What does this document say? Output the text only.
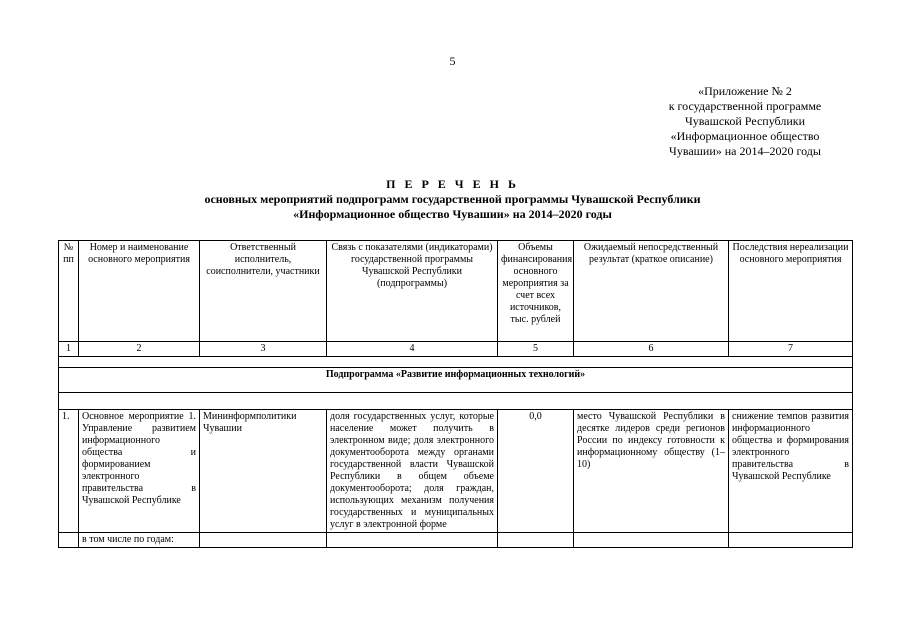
5
«Приложение № 2
к государственной программе
Чувашской Республики
«Информационное общество
Чувашии» на 2014–2020 годы
П Е Р Е Ч Е Н Ь
основных мероприятий подпрограмм государственной программы Чувашской Республики
«Информационное общество Чувашии» на 2014–2020 годы
№ пп	Номер и наименование основного мероприятия	Ответственный исполнитель, соисполнители, участники	Связь с показателями (индикаторами) государственной программы Чувашской Республики (подпрограммы)	Объемы финансирования основного мероприятия за счет всех источников, тыс. рублей	Ожидаемый непосредственный результат (краткое описание)	Последствия нереализации основного мероприятия
1	2	3	4	5	6	7

Подпрограмма «Развитие информационных технологий»						

1.	Основное мероприятие 1. Управление развитием информационного общества и формированием электронного правительства в Чувашской Республике	Мининформполитики Чувашии	доля государственных услуг, которые население может получить в электронном виде; доля электронного документооборота между органами государственной власти Чувашской Республики в общем объеме документооборота; доля граждан, использующих механизм получения государственных и муниципальных услуг в электронной форме	0,0	место Чувашской Республики в десятке лидеров среди регионов России по индексу готовности к информационному обществу (1–10)	снижение темпов развития информационного общества и формирования электронного правительства в Чувашской Республике
	в том числе по годам:					
